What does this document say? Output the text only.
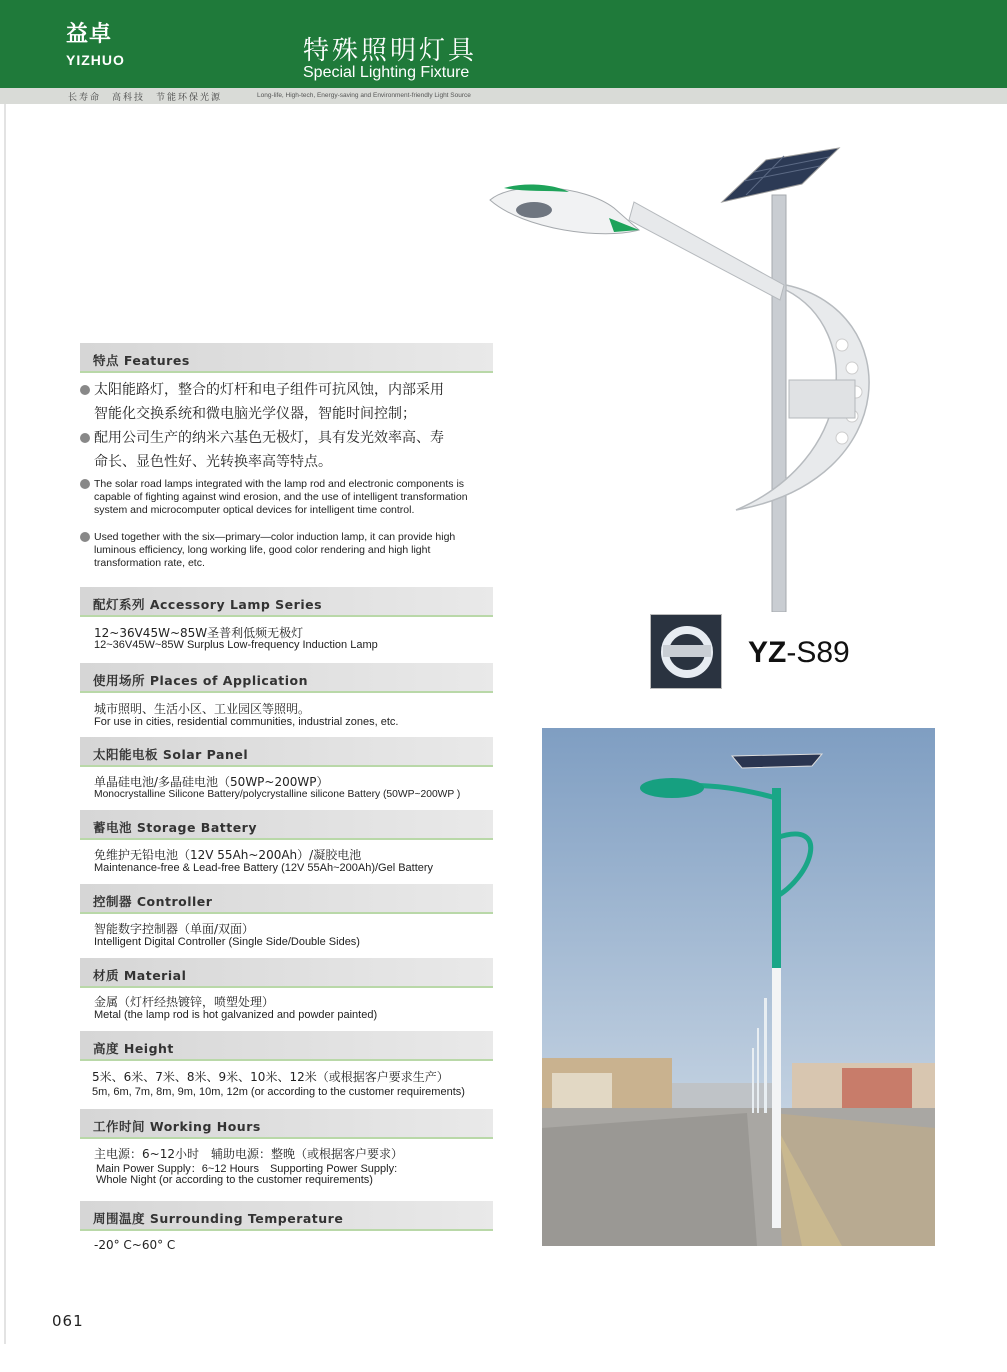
益卓
YIZHUO	特殊照明灯具
Special Lighting Fixture
长寿命　高科技　节能环保光源	Long-life, High-tech, Energy-saving and Environment-friendly Light Source
YZ-S89
特点 Features
太阳能路灯，整合的灯杆和电子组件可抗风蚀，内部采用
智能化交换系统和微电脑光学仪器，智能时间控制；
配用公司生产的纳米六基色无极灯，具有发光效率高、寿
命长、显色性好、光转换率高等特点。
The solar road lamps integrated with the lamp rod and electronic components is capable of fighting against wind erosion, and the use of intelligent transformation system and microcomputer optical devices for intelligent time control.
Used together with the six—primary—color induction lamp, it can provide high luminous efficiency, long working life, good color rendering and high light transformation rate, etc.
配灯系列 Accessory Lamp Series
12~36V45W~85W圣普利低频无极灯
12~36V45W~85W Surplus Low-frequency Induction Lamp
使用场所 Places of Application
城市照明、生活小区、工业园区等照明。
For use in cities, residential communities, industrial zones, etc.
太阳能电板 Solar Panel
单晶硅电池/多晶硅电池（50WP~200WP）
Monocrystalline Silicone Battery/polycrystalline silicone Battery (50WP~200WP )
蓄电池 Storage Battery
免维护无铅电池（12V 55Ah~200Ah）/凝胶电池
Maintenance-free & Lead-free Battery (12V 55Ah~200Ah)/Gel Battery
控制器 Controller
智能数字控制器（单面/双面）
Intelligent Digital Controller (Single Side/Double Sides)
材质 Material
金属（灯杆经热镀锌，喷塑处理）
Metal (the lamp rod is hot galvanized and powder painted)
高度 Height
5米、6米、7米、8米、9米、10米、12米（或根据客户要求生产）
5m, 6m, 7m, 8m, 9m, 10m, 12m (or according to the customer requirements)
工作时间 Working Hours
主电源：6~12小时　辅助电源：整晚（或根据客户要求）
Main Power Supply：6~12 Hours　Supporting Power Supply:
Whole Night (or according to the customer requirements)
周围温度 Surrounding Temperature
-20° C~60° C
061
